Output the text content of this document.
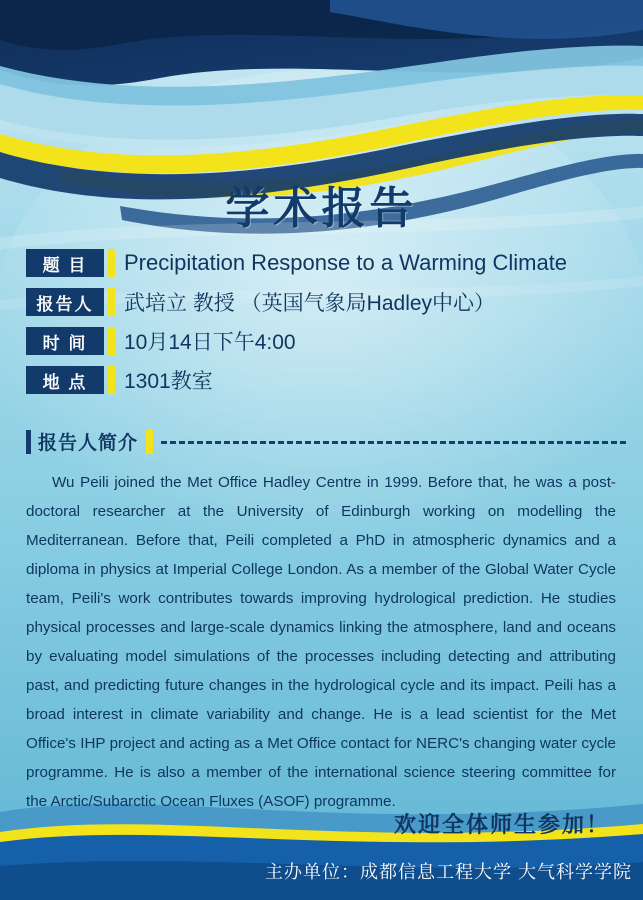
学术报告
题 目	Precipitation Response to a Warming Climate
报告人	武培立 教授 （英国气象局Hadley中心）
时 间	10月14日下午4:00
地 点	1301教室
报告人简介
Wu Peili joined the Met Office Hadley Centre in 1999. Before that, he was a post-doctoral researcher at the University of Edinburgh working on modelling the Mediterranean. Before that, Peili completed a PhD in atmospheric dynamics and a diploma in physics at Imperial College London. As a member of the Global Water Cycle team, Peili's work contributes towards improving hydrological prediction. He studies physical processes and large-scale dynamics linking the atmosphere, land and oceans by evaluating model simulations of the processes including detecting and attributing past, and predicting future changes in the hydrological cycle and its impact. Peili has a broad interest in climate variability and change. He is a lead scientist for the Met Office's IHP project and acting as a Met Office contact for NERC's changing water cycle programme. He is also a member of the international science steering committee for the Arctic/Subarctic Ocean Fluxes (ASOF) programme.
欢迎全体师生参加！
主办单位：成都信息工程大学 大气科学学院
